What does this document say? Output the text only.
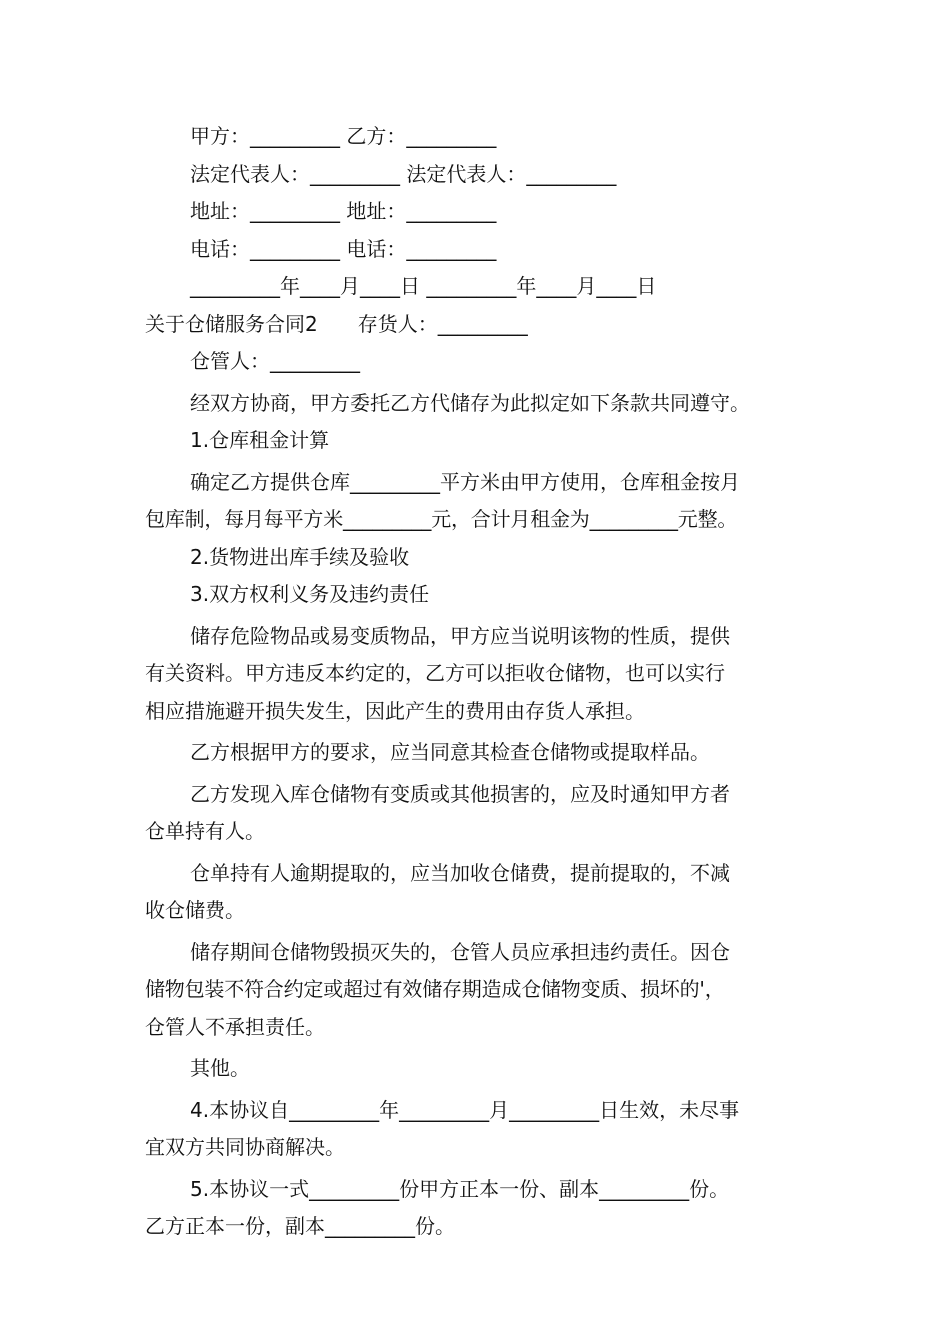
甲方：_________ 乙方：_________

法定代表人：_________ 法定代表人：_________

地址：_________ 地址：_________

电话：_________ 电话：_________

_________年____月____日 _________年____月____日

关于仓储服务合同2　　存货人：_________

仓管人：_________

经双方协商，甲方委托乙方代储存为此拟定如下条款共同遵守。

1.仓库租金计算

确定乙方提供仓库_________平方米由甲方使用，仓库租金按月

包库制，每月每平方米_________元，合计月租金为_________元整。

2.货物进出库手续及验收

3.双方权利义务及违约责任

储存危险物品或易变质物品，甲方应当说明该物的性质，提供

有关资料。甲方违反本约定的，乙方可以拒收仓储物，也可以实行

相应措施避开损失发生，因此产生的费用由存货人承担。

乙方根据甲方的要求，应当同意其检查仓储物或提取样品。

乙方发现入库仓储物有变质或其他损害的，应及时通知甲方者

仓单持有人。

仓单持有人逾期提取的，应当加收仓储费，提前提取的，不减

收仓储费。

储存期间仓储物毁损灭失的，仓管人员应承担违约责任。因仓

储物包装不符合约定或超过有效储存期造成仓储物变质、损坏的'，

仓管人不承担责任。

其他。

4.本协议自_________年_________月_________日生效，未尽事

宜双方共同协商解决。

5.本协议一式_________份甲方正本一份、副本_________份。

乙方正本一份，副本_________份。
